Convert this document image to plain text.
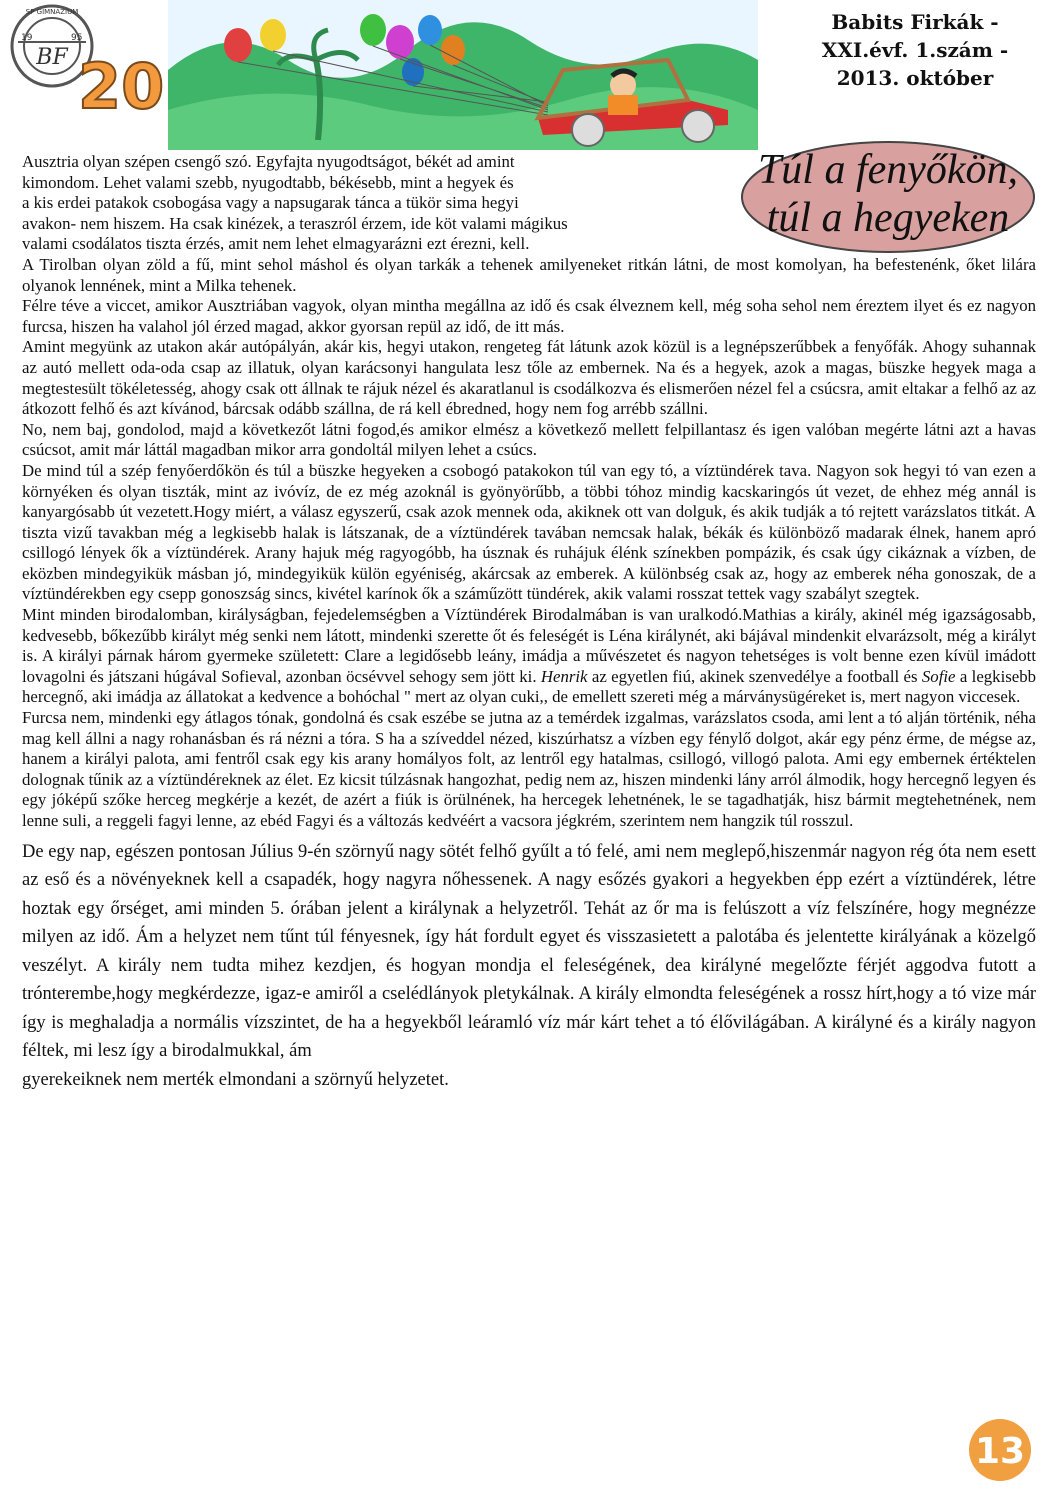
SP GIMNÁZIUM
19	95
BF 20
Babits Firkák -
XXI.évf. 1.szám -
2013. október
Túl a fenyőkön,
túl a hegyeken
Ausztria olyan szépen csengő szó. Egyfajta nyugodtságot, békét ad amint
kimondom. Lehet valami szebb, nyugodtabb, békésebb, mint a hegyek és
a kis erdei patakok csobogása vagy a napsugarak tánca a tükör sima hegyi
avakon- nem hiszem. Ha csak kinézek, a teraszról érzem, ide köt valami mágikus
valami csodálatos tiszta érzés, amit nem lehet elmagyarázni ezt érezni, kell.

A Tirolban olyan zöld a fű, mint sehol máshol és olyan tarkák a tehenek amilyeneket ritkán látni, de most komolyan, ha befestenénk, őket lilára olyanok lennének, mint a Milka tehenek.

Félre téve a viccet, amikor Ausztriában vagyok, olyan mintha megállna az idő és csak élveznem kell, még soha sehol nem éreztem ilyet és ez nagyon furcsa, hiszen ha valahol jól érzed magad, akkor gyorsan repül az idő, de itt más.

Amint megyünk az utakon akár autópályán, akár kis, hegyi utakon, rengeteg fát látunk azok közül is a legnépszerűbbek a fenyőfák. Ahogy suhannak az autó mellett oda-oda csap az illatuk, olyan karácsonyi hangulata lesz tőle az embernek. Na és a hegyek, azok a magas, büszke hegyek maga a megtestesült tökéletesség, ahogy csak ott állnak te rájuk nézel és akaratlanul is csodálkozva és elismerően nézel fel a csúcsra, amit eltakar a felhő az az átkozott felhő és azt kívánod, bárcsak odább szállna, de rá kell ébredned, hogy nem fog arrébb szállni.

No, nem baj, gondolod, majd a következőt látni fogod,és amikor elmész a következő mellett felpillantasz és igen valóban megérte látni azt a havas csúcsot, amit már láttál magadban mikor arra gondoltál milyen lehet a csúcs.

De mind túl a szép fenyőerdőkön és túl a büszke hegyeken a csobogó patakokon túl van egy tó, a víztündérek tava. Nagyon sok hegyi tó van ezen a környéken és olyan tiszták, mint az ivóvíz, de ez még azoknál is gyönyörűbb, a többi tóhoz mindig kacskaringós út vezet, de ehhez még annál is kanyargósabb út vezetett.Hogy miért, a válasz egyszerű, csak azok mennek oda, akiknek ott van dolguk, és akik tudják a tó rejtett varázslatos titkát. A tiszta vizű tavakban még a legkisebb halak is látszanak, de a víztündérek tavában nemcsak halak, békák és különböző madarak élnek, hanem apró csillogó lények ők a víztündérek. Arany hajuk még ragyogóbb, ha úsznak és ruhájuk élénk színekben pompázik, és csak úgy cikáznak a vízben, de eközben mindegyikük másban jó, mindegyikük külön egyéniség, akárcsak az emberek. A különbség csak az, hogy az emberek néha gonoszak, de a víztündérekben egy csepp gonoszság sincs, kivétel karínok ők a száműzött tündérek, akik valami rosszat tettek vagy szabályt szegtek.

Mint minden birodalomban, királyságban, fejedelemségben a Víztündérek Birodalmában is van uralkodó.Mathias a király, akinél még igazságosabb, kedvesebb, bőkezűbb királyt még senki nem látott, mindenki szerette őt és feleségét is Léna királynét, aki bájával mindenkit elvarázsolt, még a királyt is. A királyi párnak három gyermeke született: Clare a legidősebb leány, imádja a művészetet és nagyon tehetséges is volt benne ezen kívül imádott lovagolni és játszani húgával Sofieval, azonban öcsévvel sehogy sem jött ki. Henrik az egyetlen fiú, akinek szenvedélye a football és Sofie a legkisebb hercegnő, aki imádja az állatokat a kedvence a bohóchal " mert az olyan cuki,, de emellett szereti még a márványsügéreket is, mert nagyon viccesek.

Furcsa nem, mindenki egy átlagos tónak, gondolná és csak eszébe se jutna az a temérdek izgalmas, varázslatos csoda, ami lent a tó alján történik, néha mag kell állni a nagy rohanásban és rá nézni a tóra. S ha a szíveddel nézed, kiszúrhatsz a vízben egy fénylő dolgot, akár egy pénz érme, de mégse az, hanem a királyi palota, ami fentről csak egy kis arany homályos folt, az lentről egy hatalmas, csillogó, villogó palota. Ami egy embernek értéktelen dolognak tűnik az a víztündéreknek az élet. Ez kicsit túlzásnak hangozhat, pedig nem az, hiszen mindenki lány arról álmodik, hogy hercegnő legyen és egy jóképű szőke herceg megkérje a kezét, de azért a fiúk is örülnének, ha hercegek lehetnének, le se tagadhatják, hisz bármit megtehetnének, nem lenne suli, a reggeli fagyi lenne, az ebéd Fagyi és a változás kedvéért a vacsora jégkrém, szerintem nem hangzik túl rosszul.

De egy nap, egészen pontosan Július 9-én szörnyű nagy sötét felhő gyűlt a tó felé, ami nem meglepő,hiszenmár nagyon rég óta nem esett az eső és a növényeknek kell a csapadék, hogy nagyra nőhessenek. A nagy esőzés gyakori a hegyekben épp ezért a víztündérek, létre hoztak egy őrséget, ami minden 5. órában jelent a királynak a helyzetről. Tehát az őr ma is felúszott a víz felszínére, hogy megnézze milyen az idő. Ám a helyzet nem tűnt túl fényesnek, így hát fordult egyet és visszasietett a palotába és jelentette királyának a közelgő veszélyt. A király nem tudta mihez kezdjen, és hogyan mondja el feleségének, dea királyné megelőzte férjét aggodva futott a trónterembe,hogy megkérdezze, igaz-e amiről a cselédlányok pletykálnak. A király elmondta feleségének a rossz hírt,hogy a tó vize már így is meghaladja a normális vízszintet, de ha a hegyekből leáramló víz már kárt tehet a tó élővilágában. A királyné és a király nagyon féltek, mi lesz így a birodalmukkal, ám
gyerekeiknek nem merték elmondani a szörnyű helyzetet.

13
